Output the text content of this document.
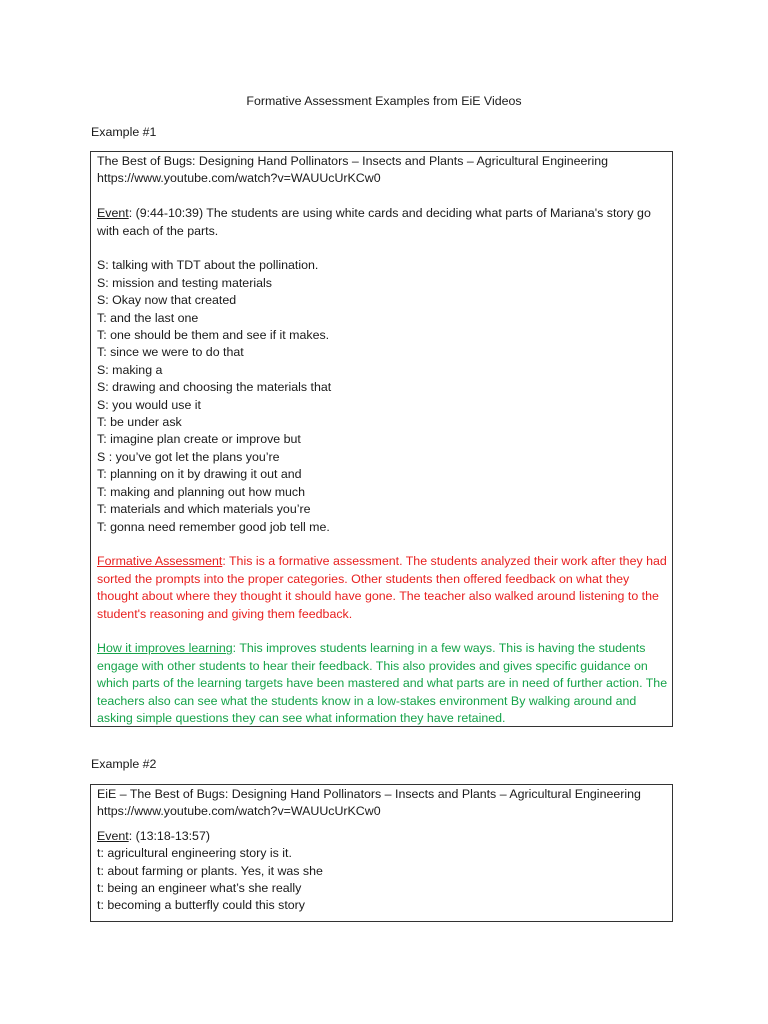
Formative Assessment Examples from EiE Videos
Example #1

The Best of Bugs: Designing Hand Pollinators – Insects and Plants – Agricultural Engineering

https://www.youtube.com/watch?v=WAUUcUrKCw0

Event: (9:44-10:39) The students are using white cards and deciding what parts of Mariana's story go with each of the parts.

S: talking with TDT about the pollination.
S: mission and testing materials
S: Okay now that created
T: and the last one
T: one should be them and see if it makes.
T: since we were to do that
S: making a
S: drawing and choosing the materials that
S: you would use it
T: be under ask
T: imagine plan create or improve but
S : you’ve got let the plans you’re
T: planning on it by drawing it out and
T: making and planning out how much
T: materials and which materials you’re
T: gonna need remember good job tell me.

Formative Assessment: This is a formative assessment. The students analyzed their work after they had sorted the prompts into the proper categories. Other students then offered feedback on what they thought about where they thought it should have gone. The teacher also walked around listening to the student's reasoning and giving them feedback.

How it improves learning: This improves students learning in a few ways. This is having the students engage with other students to hear their feedback. This also provides and gives specific guidance on which parts of the learning targets have been mastered and what parts are in need of further action. The teachers also can see what the students know in a low-stakes environment By walking around and asking simple questions they can see what information they have retained.

Example #2

EiE – The Best of Bugs: Designing Hand Pollinators – Insects and Plants – Agricultural Engineering

https://www.youtube.com/watch?v=WAUUcUrKCw0

Event: (13:18-13:57)

t: agricultural engineering story is it.
t: about farming or plants. Yes, it was she
t: being an engineer what’s she really
t: becoming a butterfly could this story
